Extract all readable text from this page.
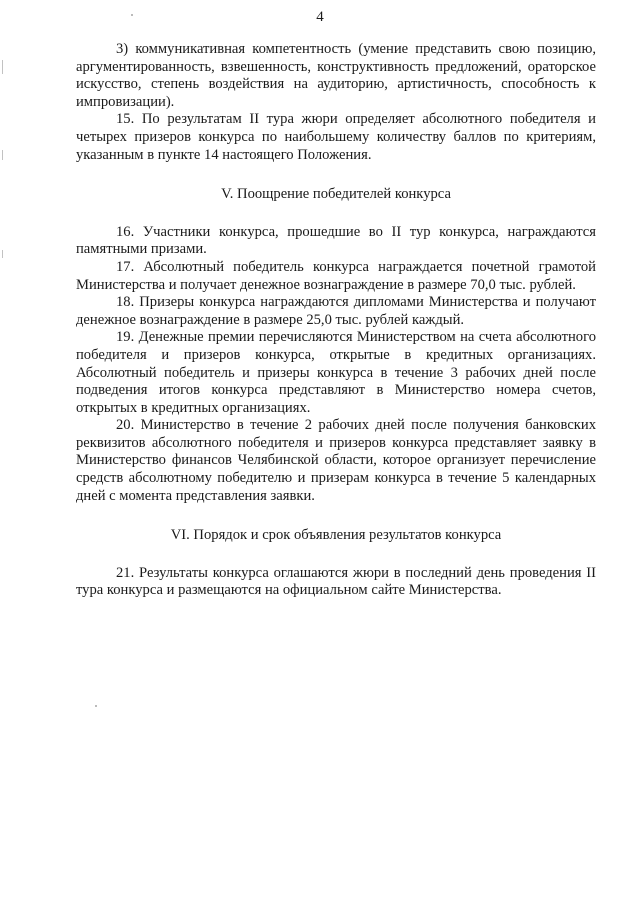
4

3) коммуникативная компетентность (умение представить свою позицию, аргументированность, взвешенность, конструктивность предложений, ораторское искусство, степень воздействия на аудиторию, артистичность, способность к импровизации).

15. По результатам II тура жюри определяет абсолютного победителя и четырех призеров конкурса по наибольшему количеству баллов по критериям, указанным в пункте 14 настоящего Положения.

V. Поощрение победителей конкурса

16. Участники конкурса, прошедшие во II тур конкурса, награждаются памятными призами.

17. Абсолютный победитель конкурса награждается почетной грамотой Министерства и получает денежное вознаграждение в размере 70,0 тыс. рублей.

18. Призеры конкурса награждаются дипломами Министерства и получают денежное вознаграждение в размере 25,0 тыс. рублей каждый.

19. Денежные премии перечисляются Министерством на счета абсолютного победителя и призеров конкурса, открытые в кредитных организациях. Абсолютный победитель и призеры конкурса в течение 3 рабочих дней после подведения итогов конкурса представляют в Министерство номера счетов, открытых в кредитных организациях.

20. Министерство в течение 2 рабочих дней после получения банковских реквизитов абсолютного победителя и призеров конкурса представляет заявку в Министерство финансов Челябинской области, которое организует перечисление средств абсолютному победителю и призерам конкурса в течение 5 календарных дней с момента представления заявки.

VI. Порядок и срок объявления результатов конкурса

21. Результаты конкурса оглашаются жюри в последний день проведения II тура конкурса и размещаются на официальном сайте Министерства.
